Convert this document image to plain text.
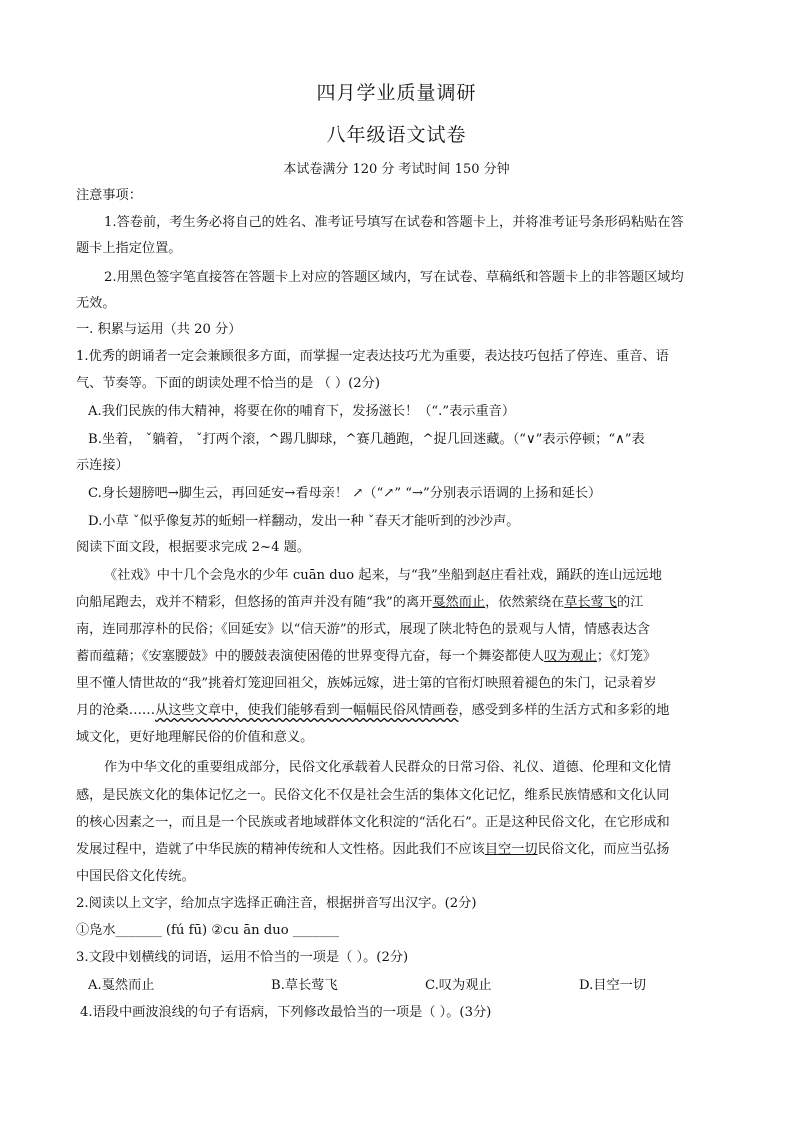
四月学业质量调研
八年级语文试卷
本试卷满分 120 分 考试时间 150 分钟
注意事项：
1.答卷前，考生务必将自己的姓名、准考证号填写在试卷和答题卡上，并将准考证号条形码粘贴在答
题卡上指定位置。
2.用黑色签字笔直接答在答题卡上对应的答题区域内，写在试卷、草稿纸和答题卡上的非答题区域均
无效。
一. 积累与运用（共 20 分）
1.优秀的朗诵者一定会兼顾很多方面，而掌握一定表达技巧尤为重要，表达技巧包括了停连、重音、语
气、节奏等。下面的朗读处理不恰当的是 （ ）(2分)
A.我们民族的伟大精神，将要在你的哺育下，发扬滋长！（“.”表示重音）
B.坐着， ˇ躺着， ˇ打两个滚，^踢几脚球，^赛几趟跑，^捉几回迷藏。（“∨”表示停顿；“∧”表
示连接）
C.身长翅膀吧→脚生云，再回延安→看母亲！ ↗（“↗” “→”分别表示语调的上扬和延长）
D.小草 ˇ似乎像复苏的蚯蚓一样翻动，发出一种 ˇ春天才能听到的沙沙声。
阅读下面文段，根据要求完成 2~4 题。
《社戏》中十几个会凫水的少年 cuān duo 起来，与“我”坐船到赵庄看社戏，踊跃的连山远远地
向船尾跑去，戏并不精彩，但悠扬的笛声并没有随“我”的离开戛然而止，依然萦绕在草长莺飞的江
南，连同那淳朴的民俗；《回延安》以“信天游”的形式，展现了陕北特色的景观与人情，情感表达含
蓄而蕴藉；《安塞腰鼓》中的腰鼓表演使困倦的世界变得亢奋，每一个舞姿都使人叹为观止；《灯笼》
里不懂人情世故的“我”挑着灯笼迎回祖父，族姊远嫁，进士第的官衔灯映照着褪色的朱门，记录着岁
月的沧桑……从这些文章中，使我们能够看到一幅幅民俗风情画卷，感受到多样的生活方式和多彩的地
域文化，更好地理解民俗的价值和意义。
作为中华文化的重要组成部分，民俗文化承载着人民群众的日常习俗、礼仪、道德、伦理和文化情
感，是民族文化的集体记忆之一。民俗文化不仅是社会生活的集体文化记忆，维系民族情感和文化认同
的核心因素之一，而且是一个民族或者地域群体文化积淀的“活化石”。正是这种民俗文化，在它形成和
发展过程中，造就了中华民族的精神传统和人文性格。因此我们不应该目空一切民俗文化，而应当弘扬
中国民俗文化传统。
2.阅读以上文字，给加点字选择正确注音，根据拼音写出汉字。(2分)
①凫水_______ (fú fū) ②cu ān duo _______
3.文段中划横线的词语，运用不恰当的一项是（ ）。(2分)
A.戛然而止	B.草长莺飞	C.叹为观止	D.目空一切
4.语段中画波浪线的句子有语病，下列修改最恰当的一项是（ ）。(3分)
